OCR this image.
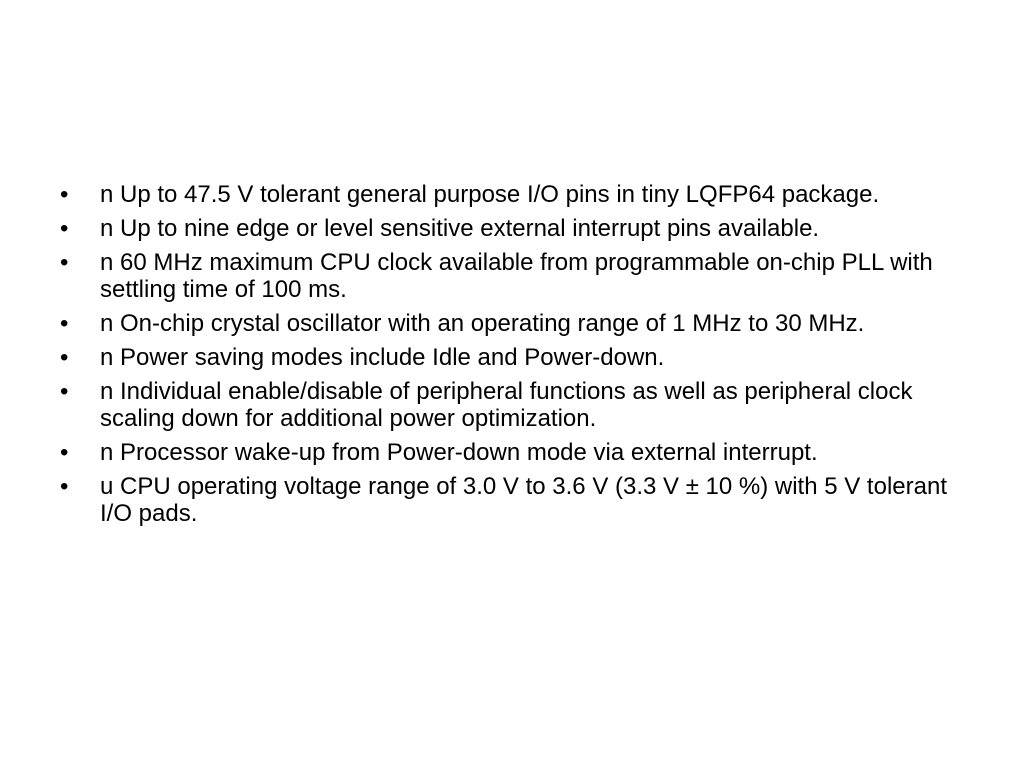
•	n Up to 47.5 V tolerant general purpose I/O pins in tiny LQFP64 package.
•	n Up to nine edge or level sensitive external interrupt pins available.
•	n 60 MHz maximum CPU clock available from programmable on-chip PLL with settling time of 100 ms.
•	n On-chip crystal oscillator with an operating range of 1 MHz to 30 MHz.
•	n Power saving modes include Idle and Power-down.
•	n Individual enable/disable of peripheral functions as well as peripheral clock scaling down for additional power optimization.
•	n Processor wake-up from Power-down mode via external interrupt.
•	u CPU operating voltage range of 3.0 V to 3.6 V (3.3 V ± 10 %) with 5 V tolerant I/O pads.
